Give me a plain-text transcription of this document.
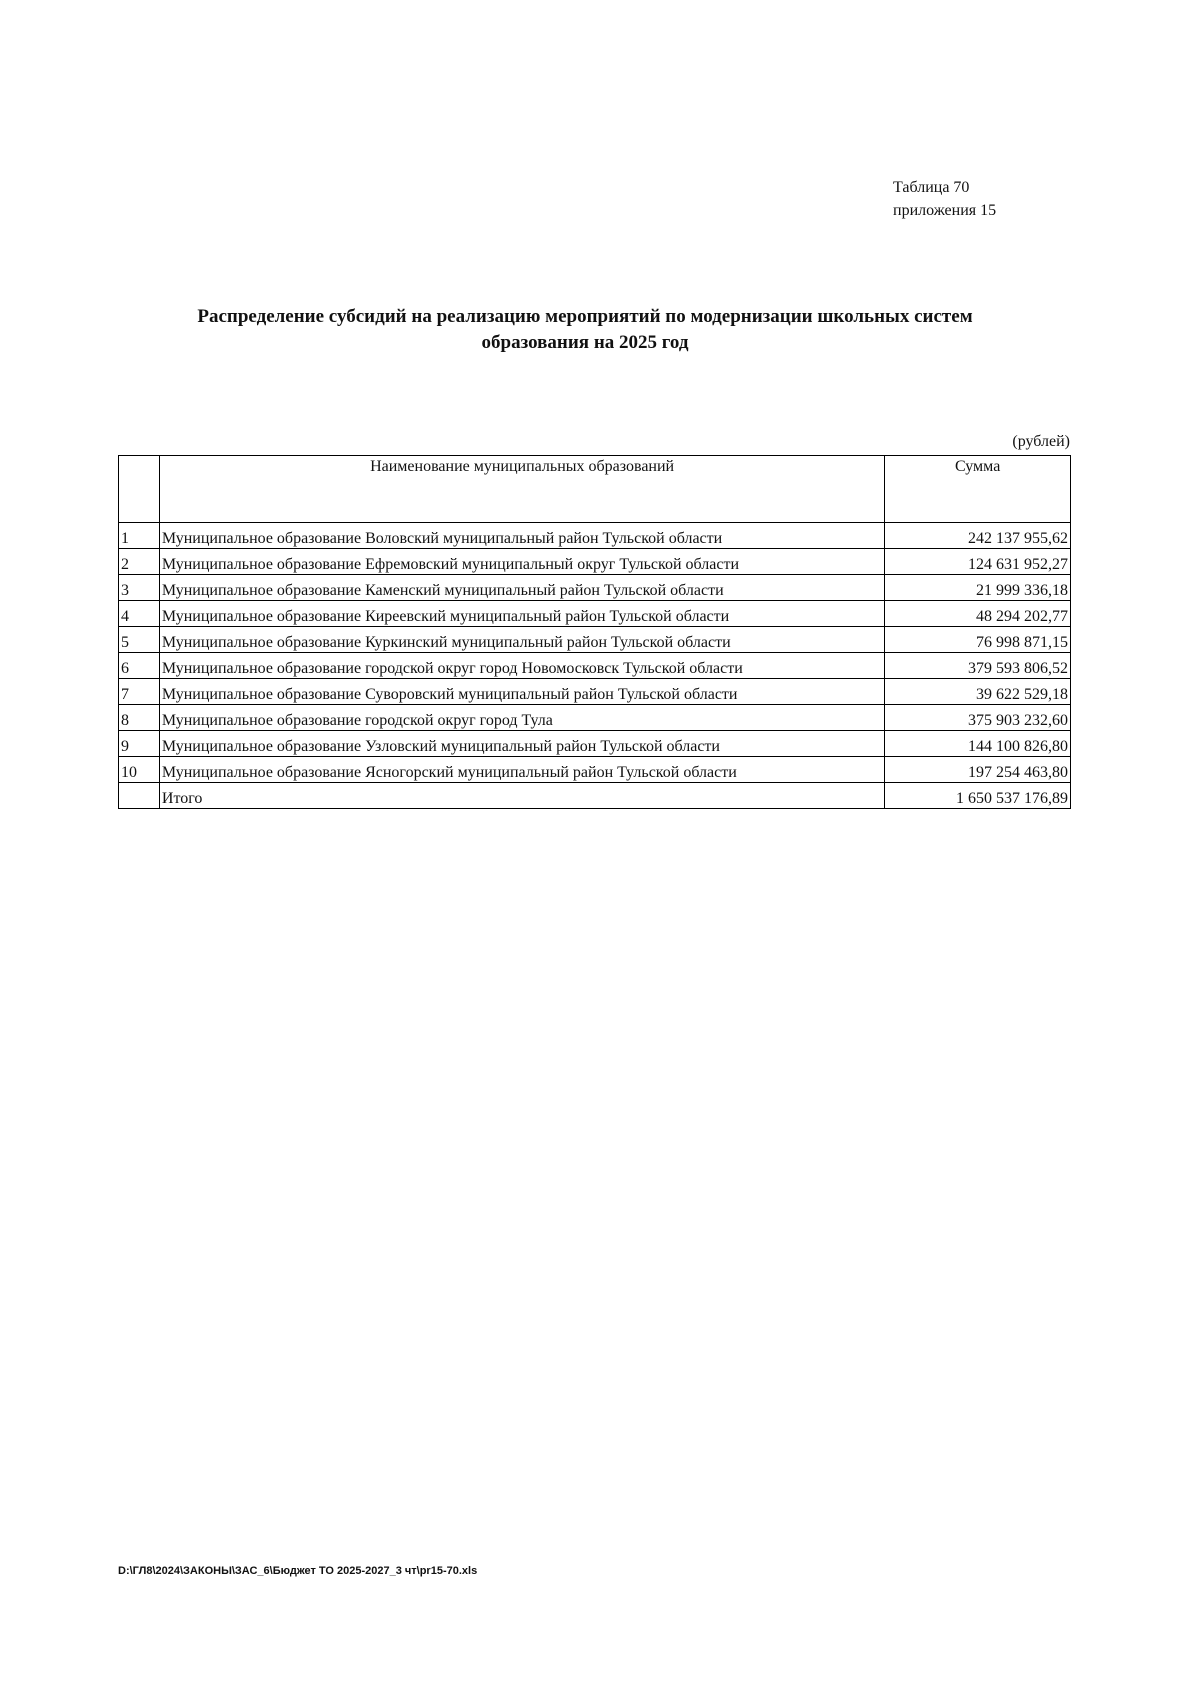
Таблица 70
приложения 15
Распределение субсидий на реализацию мероприятий по модернизации школьных систем
образования на 2025 год
(рублей)
	Наименование муниципальных образований	Сумма
1	Муниципальное образование Воловский муниципальный район Тульской области	242 137 955,62
2	Муниципальное образование Ефремовский муниципальный округ Тульской области	124 631 952,27
3	Муниципальное образование Каменский муниципальный район Тульской области	21 999 336,18
4	Муниципальное образование Киреевский муниципальный район Тульской области	48 294 202,77
5	Муниципальное образование Куркинский муниципальный район Тульской области	76 998 871,15
6	Муниципальное образование городской округ город Новомосковск Тульской области	379 593 806,52
7	Муниципальное образование Суворовский муниципальный район Тульской области	39 622 529,18
8	Муниципальное образование городской округ город Тула	375 903 232,60
9	Муниципальное образование Узловский муниципальный район Тульской области	144 100 826,80
10	Муниципальное образование Ясногорский муниципальный район Тульской области	197 254 463,80
	Итого	1 650 537 176,89
D:\ГЛ8\2024\ЗАКОНЫ\ЗАС_6\Бюджет ТО 2025-2027_3 чт\pr15-70.xls
